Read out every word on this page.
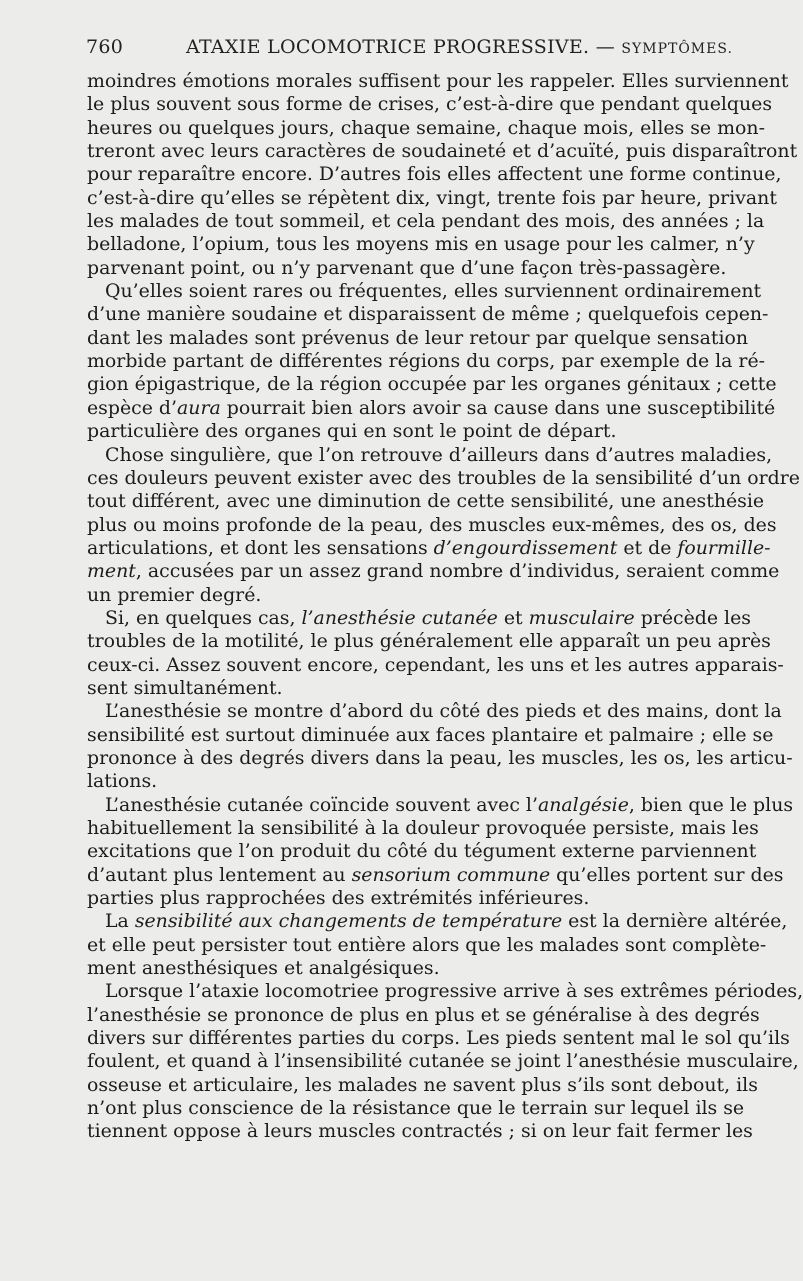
760	ATAXIE LOCOMOTRICE PROGRESSIVE. — SYMPTÔMES.
moindres émotions morales suffisent pour les rappeler. Elles surviennent
le plus souvent sous forme de crises, c’est-à-dire que pendant quelques
heures ou quelques jours, chaque semaine, chaque mois, elles se mon-
treront avec leurs caractères de soudaineté et d’acuïté, puis disparaîtront
pour reparaître encore. D’autres fois elles affectent une forme continue,
c’est-à-dire qu’elles se répètent dix, vingt, trente fois par heure, privant
les malades de tout sommeil, et cela pendant des mois, des années ; la
belladone, l’opium, tous les moyens mis en usage pour les calmer, n’y
parvenant point, ou n’y parvenant que d’une façon très-passagère.
Qu’elles soient rares ou fréquentes, elles surviennent ordinairement
d’une manière soudaine et disparaissent de même ; quelquefois cepen-
dant les malades sont prévenus de leur retour par quelque sensation
morbide partant de différentes régions du corps, par exemple de la ré-
gion épigastrique, de la région occupée par les organes génitaux ; cette
espèce d’aura pourrait bien alors avoir sa cause dans une susceptibilité
particulière des organes qui en sont le point de départ.
Chose singulière, que l’on retrouve d’ailleurs dans d’autres maladies,
ces douleurs peuvent exister avec des troubles de la sensibilité d’un ordre
tout différent, avec une diminution de cette sensibilité, une anesthésie
plus ou moins profonde de la peau, des muscles eux-mêmes, des os, des
articulations, et dont les sensations d’engourdissement et de fourmille-
ment, accusées par un assez grand nombre d’individus, seraient comme
un premier degré.
Si, en quelques cas, l’anesthésie cutanée et musculaire précède les
troubles de la motilité, le plus généralement elle apparaît un peu après
ceux-ci. Assez souvent encore, cependant, les uns et les autres apparais-
sent simultanément.
L’anesthésie se montre d’abord du côté des pieds et des mains, dont la
sensibilité est surtout diminuée aux faces plantaire et palmaire ; elle se
prononce à des degrés divers dans la peau, les muscles, les os, les articu-
lations.
L’anesthésie cutanée coïncide souvent avec l’analgésie, bien que le plus
habituellement la sensibilité à la douleur provoquée persiste, mais les
excitations que l’on produit du côté du tégument externe parviennent
d’autant plus lentement au sensorium commune qu’elles portent sur des
parties plus rapprochées des extrémités inférieures.
La sensibilité aux changements de température est la dernière altérée,
et elle peut persister tout entière alors que les malades sont complète-
ment anesthésiques et analgésiques.
Lorsque l’ataxie locomotriee progressive arrive à ses extrêmes périodes,
l’anesthésie se prononce de plus en plus et se généralise à des degrés
divers sur différentes parties du corps. Les pieds sentent mal le sol qu’ils
foulent, et quand à l’insensibilité cutanée se joint l’anesthésie musculaire,
osseuse et articulaire, les malades ne savent plus s’ils sont debout, ils
n’ont plus conscience de la résistance que le terrain sur lequel ils se
tiennent oppose à leurs muscles contractés ; si on leur fait fermer les
